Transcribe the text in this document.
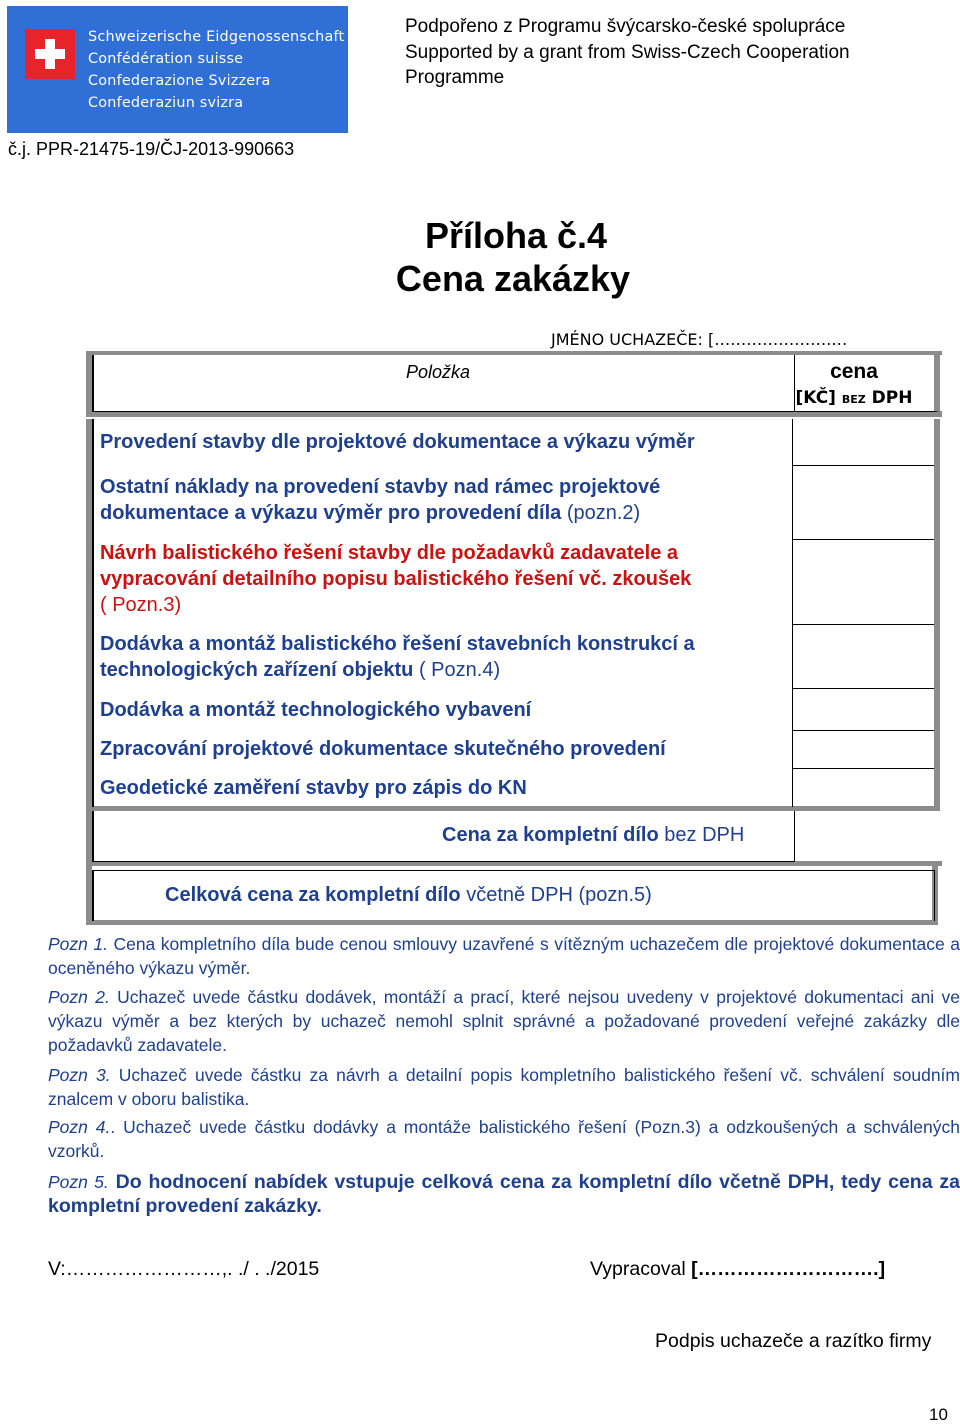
Schweizerische Eidgenossenschaft
Confédération suisse
Confederazione Svizzera
Confederaziun svizra
Podpořeno z Programu švýcarsko-české spolupráce
Supported by a grant from Swiss-Czech Cooperation
Programme
č.j. PPR-21475-19/ČJ-2013-990663
Příloha č.4
Cena zakázky
JMÉNO UCHAZEČE: [………………….…
Položka	cena
[KČ] BEZ DPH
Provedení stavby dle projektové dokumentace a výkazu výměr
Ostatní náklady na provedení stavby nad rámec projektové
dokumentace a výkazu výměr pro provedení díla (pozn.2)
Návrh balistického řešení stavby dle požadavků zadavatele a
vypracování detailního popisu balistického řešení vč. zkoušek
( Pozn.3)
Dodávka a montáž balistického řešení stavebních konstrukcí a
technologických zařízení objektu ( Pozn.4)
Dodávka a montáž technologického vybavení
Zpracování projektové dokumentace skutečného provedení
Geodetické zaměření stavby pro zápis do KN
Cena za kompletní dílo bez DPH
Celková cena za kompletní dílo včetně DPH (pozn.5)
Pozn 1. Cena kompletního díla bude cenou smlouvy uzavřené s vítězným uchazečem dle projektové dokumentace a oceněného výkazu výměr.
Pozn 2. Uchazeč uvede částku dodávek, montáží a prací, které nejsou uvedeny v projektové dokumentaci ani ve výkazu výměr a bez kterých by uchazeč nemohl splnit správné a požadované provedení veřejné zakázky dle požadavků zadavatele.
Pozn 3. Uchazeč uvede částku za návrh a detailní popis kompletního balistického řešení vč. schválení soudním znalcem v oboru balistika.
Pozn 4.. Uchazeč uvede částku dodávky a montáže balistického řešení (Pozn.3) a odzkoušených a schválených vzorků.
Pozn 5. Do hodnocení nabídek vstupuje celková cena za kompletní dílo včetně DPH, tedy cena za kompletní provedení zakázky.
V:……………………,. ./ . ./2015	Vypracoval [……………………….]
Podpis uchazeče a razítko firmy
10
